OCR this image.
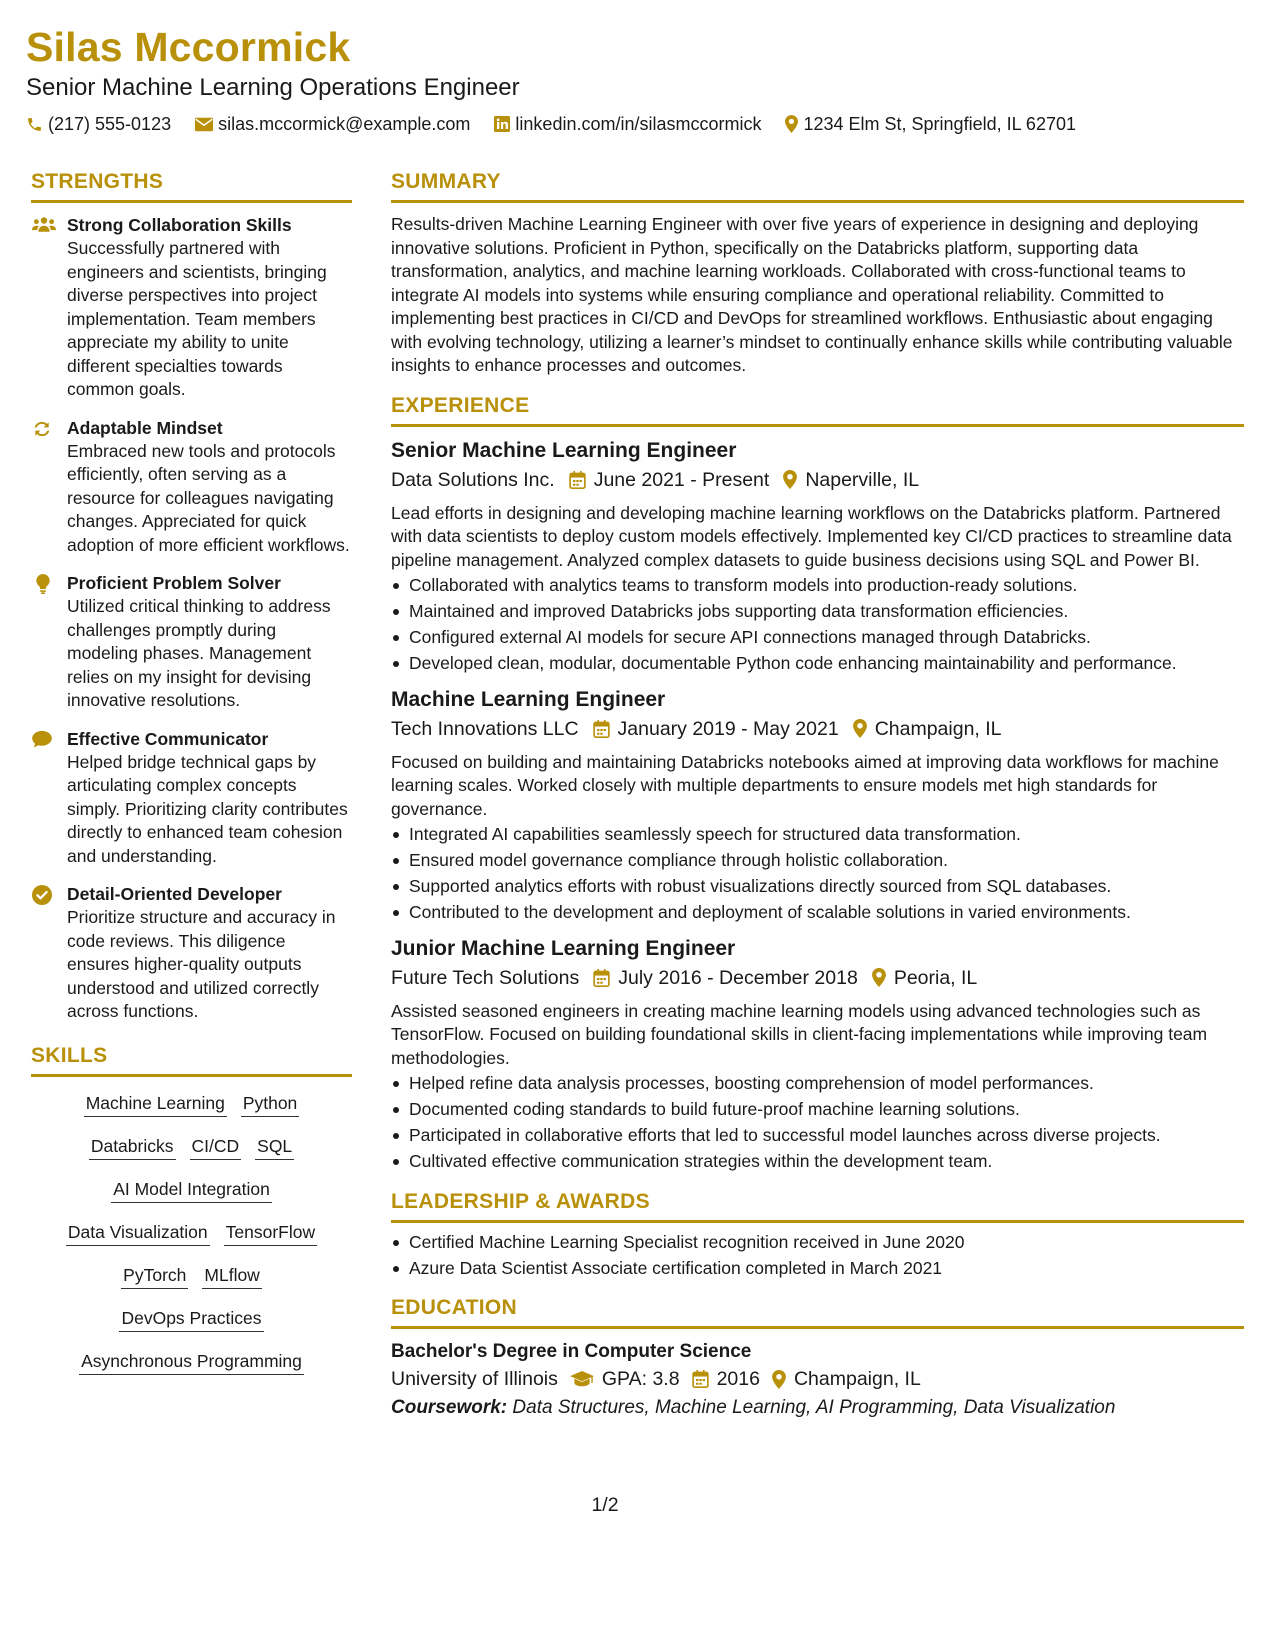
Silas Mccormick
Senior Machine Learning Operations Engineer
(217) 555-0123	silas.mccormick@example.com	linkedin.com/in/silasmccormick 1234 Elm St, Springfield, IL 62701
STRENGTHS
Strong Collaboration Skills
Successfully partnered with engineers and scientists, bringing diverse perspectives into project implementation. Team members appreciate my ability to unite different specialties towards common goals.
Adaptable Mindset
Embraced new tools and protocols efficiently, often serving as a resource for colleagues navigating changes. Appreciated for quick adoption of more efficient workflows.
Proficient Problem Solver
Utilized critical thinking to address challenges promptly during modeling phases. Management relies on my insight for devising innovative resolutions.
Effective Communicator
Helped bridge technical gaps by articulating complex concepts simply. Prioritizing clarity contributes directly to enhanced team cohesion and understanding.
Detail-Oriented Developer
Prioritize structure and accuracy in code reviews. This diligence ensures higher-quality outputs understood and utilized correctly across functions.
SKILLS
Machine Learning Python
Databricks CI/CD SQL
AI Model Integration
Data Visualization TensorFlow
PyTorch MLflow
DevOps Practices
Asynchronous Programming
SUMMARY
Results-driven Machine Learning Engineer with over five years of experience in designing and deploying innovative solutions. Proficient in Python, specifically on the Databricks platform, supporting data transformation, analytics, and machine learning workloads. Collaborated with cross-functional teams to integrate AI models into systems while ensuring compliance and operational reliability. Committed to implementing best practices in CI/CD and DevOps for streamlined workflows. Enthusiastic about engaging with evolving technology, utilizing a learner’s mindset to continually enhance skills while contributing valuable insights to enhance processes and outcomes.
EXPERIENCE
Senior Machine Learning Engineer
Data Solutions Inc. June 2021 - Present Naperville, IL
Lead efforts in designing and developing machine learning workflows on the Databricks platform. Partnered with data scientists to deploy custom models effectively. Implemented key CI/CD practices to streamline data pipeline management. Analyzed complex datasets to guide business decisions using SQL and Power BI.
Collaborated with analytics teams to transform models into production-ready solutions.
Maintained and improved Databricks jobs supporting data transformation efficiencies.
Configured external AI models for secure API connections managed through Databricks.
Developed clean, modular, documentable Python code enhancing maintainability and performance.
Machine Learning Engineer
Tech Innovations LLC January 2019 - May 2021 Champaign, IL
Focused on building and maintaining Databricks notebooks aimed at improving data workflows for machine learning scales. Worked closely with multiple departments to ensure models met high standards for governance.
Integrated AI capabilities seamlessly speech for structured data transformation.
Ensured model governance compliance through holistic collaboration.
Supported analytics efforts with robust visualizations directly sourced from SQL databases.
Contributed to the development and deployment of scalable solutions in varied environments.
Junior Machine Learning Engineer
Future Tech Solutions July 2016 - December 2018 Peoria, IL
Assisted seasoned engineers in creating machine learning models using advanced technologies such as TensorFlow. Focused on building foundational skills in client-facing implementations while improving team methodologies.
Helped refine data analysis processes, boosting comprehension of model performances.
Documented coding standards to build future-proof machine learning solutions.
Participated in collaborative efforts that led to successful model launches across diverse projects.
Cultivated effective communication strategies within the development team.
LEADERSHIP & AWARDS
Certified Machine Learning Specialist recognition received in June 2020
Azure Data Scientist Associate certification completed in March 2021
EDUCATION
Bachelor's Degree in Computer Science
University of Illinois GPA: 3.8 2016 Champaign, IL
Coursework: Data Structures, Machine Learning, AI Programming, Data Visualization
1/2
